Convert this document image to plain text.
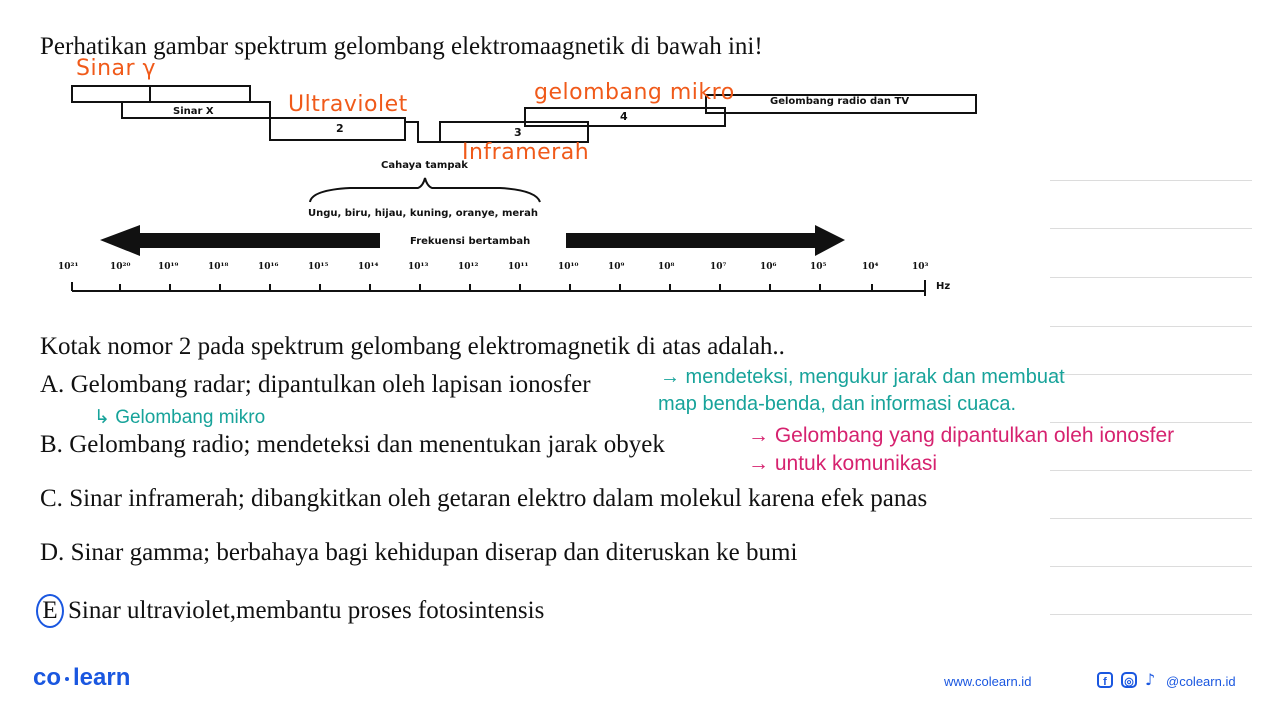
Perhatikan gambar spektrum gelombang elektromaagnetik di bawah ini!
Sinar X
Gelombang radio dan TV
2	3
4
Cahaya tampak
Ungu, biru, hijau, kuning, oranye, merah
Frekuensi bertambah
Hz
10²¹	10²⁰	10¹⁹	10¹⁸	10¹⁶	10¹⁵	10¹⁴	10¹³	10¹²	10¹¹	10¹⁰	10⁹	10⁸	10⁷	10⁶	10⁵	10⁴	10³
Sinar γ
Ultraviolet	gelombang mikro
Inframerah
Kotak nomor 2 pada spektrum gelombang elektromagnetik di atas adalah..
A. Gelombang radar; dipantulkan oleh lapisan ionosfer
B. Gelombang radio; mendeteksi dan menentukan jarak obyek
C. Sinar inframerah; dibangkitkan oleh getaran elektro dalam molekul karena efek panas
D. Sinar gamma; berbahaya bagi kehidupan diserap dan diteruskan ke bumi
E Sinar ultraviolet,membantu proses fotosintensis
→ mendeteksi, mengukur jarak dan membuat
map benda-benda, dan informasi cuaca.
↳ Gelombang mikro
→ Gelombang yang dipantulkan oleh ionosfer
→ untuk komunikasi
co learn	www.colearn.id	f	◎ ♪ @colearn.id
